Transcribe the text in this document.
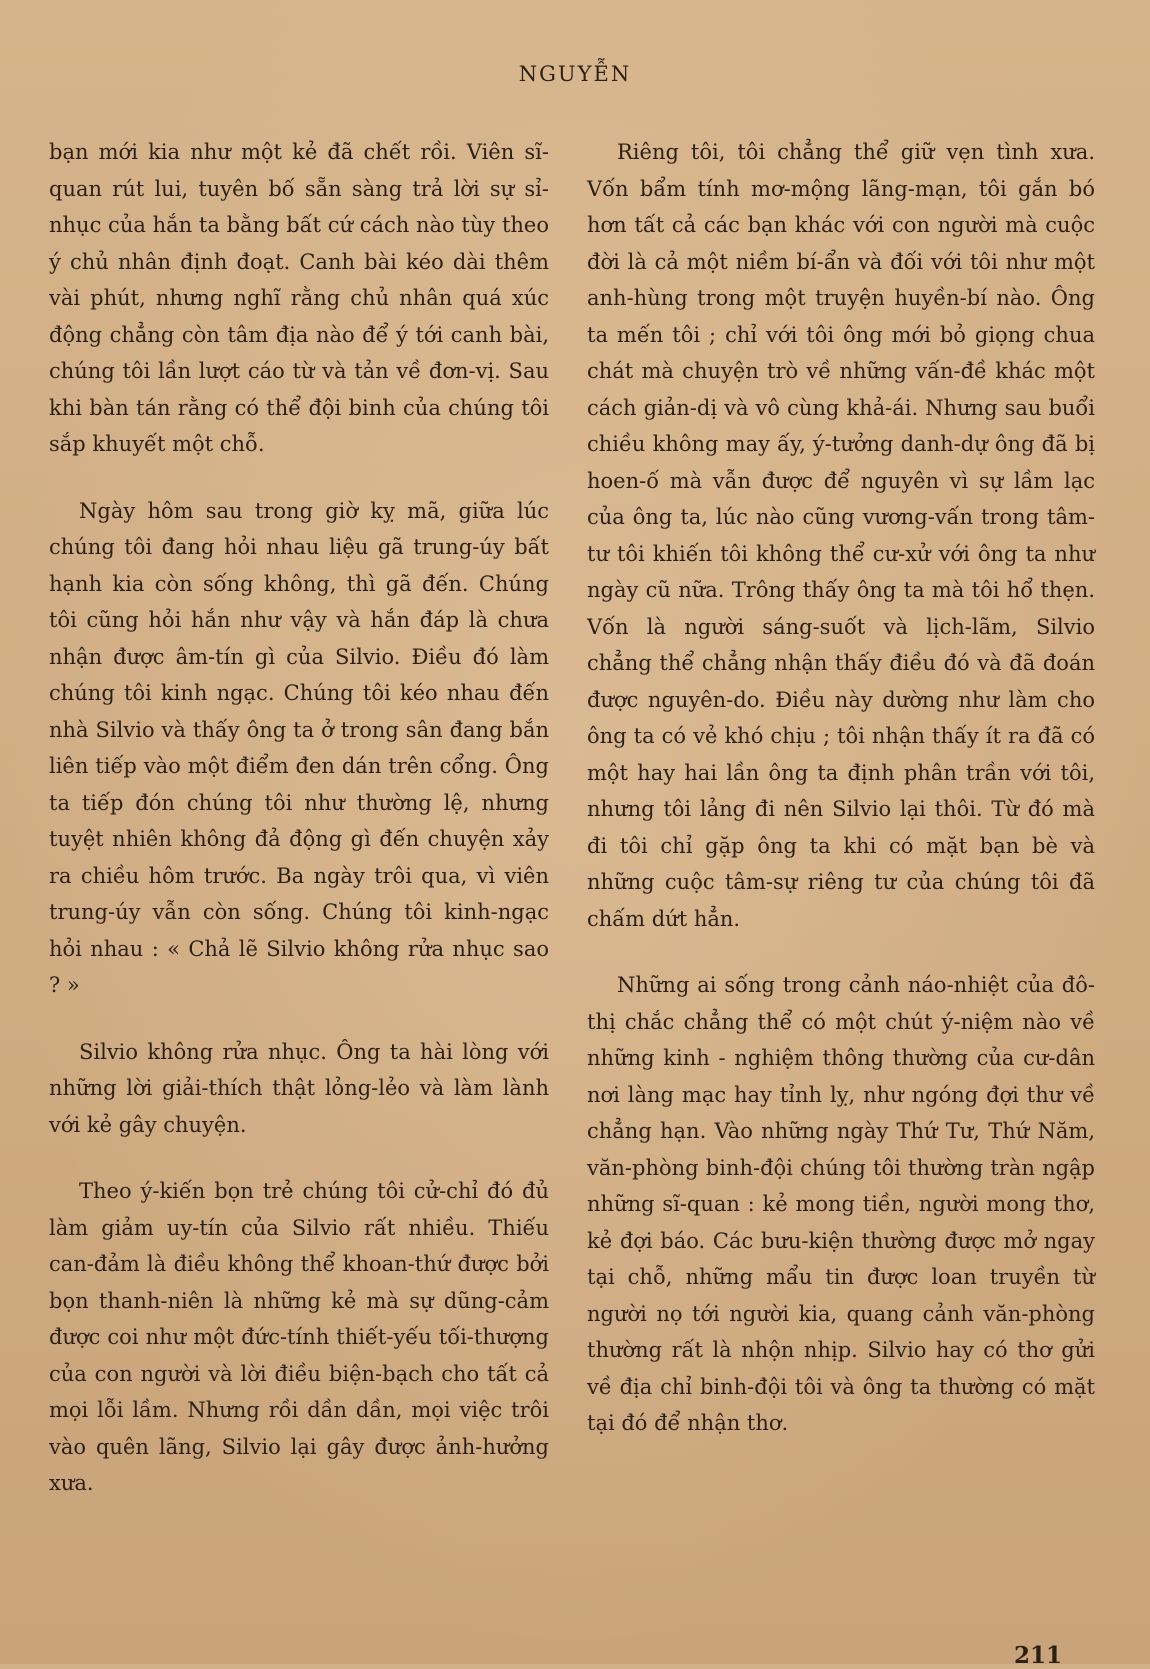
NGUYỄN

bạn mới kia như một kẻ đã chết rồi. Viên sĩ-quan rút lui, tuyên bố sẵn sàng trả lời sự sỉ-nhục của hắn ta bằng bất cứ cách nào tùy theo ý chủ nhân định đoạt. Canh bài kéo dài thêm vài phút, nhưng nghĩ rằng chủ nhân quá xúc động chẳng còn tâm địa nào để ý tới canh bài, chúng tôi lần lượt cáo từ và tản về đơn-vị. Sau khi bàn tán rằng có thể đội binh của chúng tôi sắp khuyết một chỗ.

Ngày hôm sau trong giờ kỵ mã, giữa lúc chúng tôi đang hỏi nhau liệu gã trung-úy bất hạnh kia còn sống không, thì gã đến. Chúng tôi cũng hỏi hắn như vậy và hắn đáp là chưa nhận được âm-tín gì của Silvio. Điều đó làm chúng tôi kinh ngạc. Chúng tôi kéo nhau đến nhà Silvio và thấy ông ta ở trong sân đang bắn liên tiếp vào một điểm đen dán trên cổng. Ông ta tiếp đón chúng tôi như thường lệ, nhưng tuyệt nhiên không đả động gì đến chuyện xảy ra chiều hôm trước. Ba ngày trôi qua, vì viên trung-úy vẫn còn sống. Chúng tôi kinh-ngạc hỏi nhau : « Chả lẽ Silvio không rửa nhục sao ? »

Silvio không rửa nhục. Ông ta hài lòng với những lời giải-thích thật lỏng-lẻo và làm lành với kẻ gây chuyện.

Theo ý-kiến bọn trẻ chúng tôi cử-chỉ đó đủ làm giảm uy-tín của Silvio rất nhiều. Thiếu can-đảm là điều không thể khoan-thứ được bởi bọn thanh-niên là những kẻ mà sự dũng-cảm được coi như một đức-tính thiết-yếu tối-thượng của con người và lời điều biện-bạch cho tất cả mọi lỗi lầm. Nhưng rồi dần dần, mọi việc trôi vào quên lãng, Silvio lại gây được ảnh-hưởng xưa.

Riêng tôi, tôi chẳng thể giữ vẹn tình xưa. Vốn bẩm tính mơ-mộng lãng-mạn, tôi gắn bó hơn tất cả các bạn khác với con người mà cuộc đời là cả một niềm bí-ẩn và đối với tôi như một anh-hùng trong một truyện huyền-bí nào. Ông ta mến tôi ; chỉ với tôi ông mới bỏ giọng chua chát mà chuyện trò về những vấn-đề khác một cách giản-dị và vô cùng khả-ái. Nhưng sau buổi chiều không may ấy, ý-tưởng danh-dự ông đã bị hoen-ố mà vẫn được để nguyên vì sự lầm lạc của ông ta, lúc nào cũng vương-vấn trong tâm-tư tôi khiến tôi không thể cư-xử với ông ta như ngày cũ nữa. Trông thấy ông ta mà tôi hổ thẹn. Vốn là người sáng-suốt và lịch-lãm, Silvio chẳng thể chẳng nhận thấy điều đó và đã đoán được nguyên-do. Điều này dường như làm cho ông ta có vẻ khó chịu ; tôi nhận thấy ít ra đã có một hay hai lần ông ta định phân trần với tôi, nhưng tôi lảng đi nên Silvio lại thôi. Từ đó mà đi tôi chỉ gặp ông ta khi có mặt bạn bè và những cuộc tâm-sự riêng tư của chúng tôi đã chấm dứt hẳn.

Những ai sống trong cảnh náo-nhiệt của đô-thị chắc chẳng thể có một chút ý-niệm nào về những kinh - nghiệm thông thường của cư-dân nơi làng mạc hay tỉnh lỵ, như ngóng đợi thư về chẳng hạn. Vào những ngày Thứ Tư, Thứ Năm, văn-phòng binh-đội chúng tôi thường tràn ngập những sĩ-quan : kẻ mong tiền, người mong thơ, kẻ đợi báo. Các bưu-kiện thường được mở ngay tại chỗ, những mẩu tin được loan truyền từ người nọ tới người kia, quang cảnh văn-phòng thường rất là nhộn nhịp. Silvio hay có thơ gửi về địa chỉ binh-đội tôi và ông ta thường có mặt tại đó để nhận thơ.

211
